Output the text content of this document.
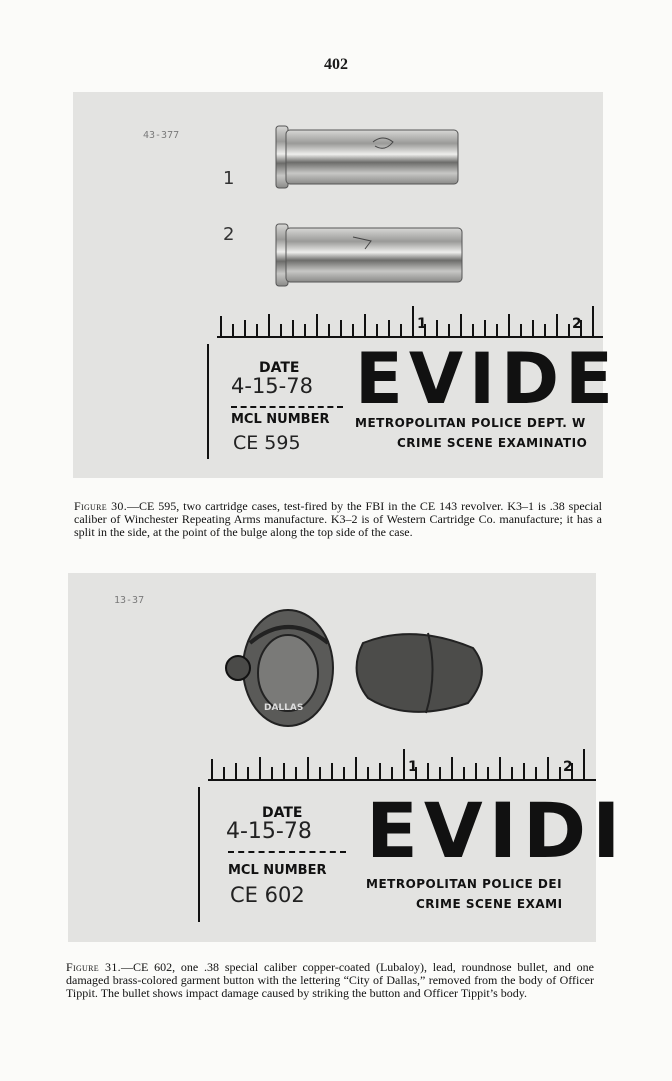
402
43-377
1
2
1	2
DATE
4-15-78
MCL NUMBER
CE 595
EVIDE
METROPOLITAN POLICE DEPT. W
CRIME SCENE EXAMINATIO
Figure 30.—CE 595, two cartridge cases, test-fired by the FBI in the CE 143 revolver. K3–1 is .38 special caliber of Winchester Repeating Arms manufacture. K3–2 is of Western Cartridge Co. manufacture; it has a split in the side, at the point of the bulge along the top side of the case.
13-37
DALLAS
1	2
DATE
4-15-78
MCL NUMBER
CE 602
EVIDI
METROPOLITAN POLICE DEI
CRIME SCENE EXAMI
Figure 31.—CE 602, one .38 special caliber copper-coated (Lubaloy), lead, roundnose bullet, and one damaged brass-colored garment button with the lettering “City of Dallas,” removed from the body of Officer Tippit. The bullet shows impact damage caused by striking the button and Officer Tippit’s body.
